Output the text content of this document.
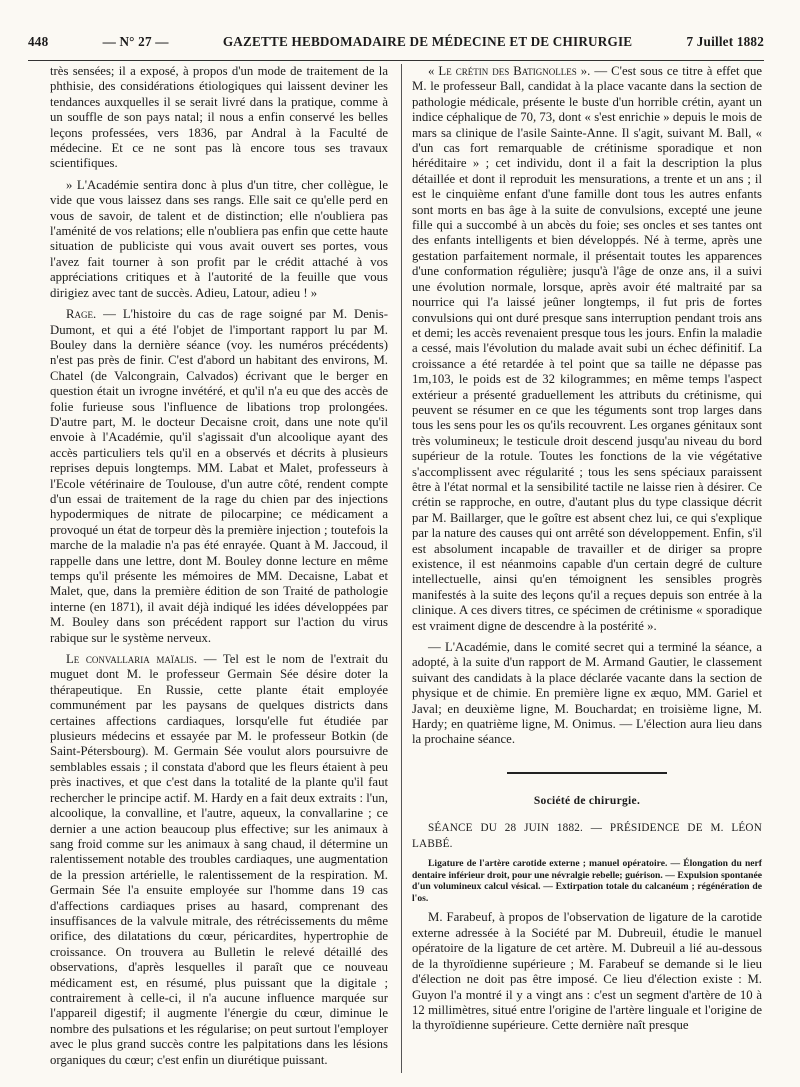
448	— N° 27 —	GAZETTE HEBDOMADAIRE DE MÉDECINE ET DE CHIRURGIE	7 Juillet 1882

très sensées; il a exposé, à propos d'un mode de traitement de la phthisie, des considérations étiologiques qui laissent deviner les tendances auxquelles il se serait livré dans la pratique, comme à un souffle de son pays natal; il nous a enfin conservé les belles leçons professées, vers 1836, par Andral à la Faculté de médecine. Et ce ne sont pas là encore tous ses travaux scientifiques.

» L'Académie sentira donc à plus d'un titre, cher collègue, le vide que vous laissez dans ses rangs. Elle sait ce qu'elle perd en vous de savoir, de talent et de distinction; elle n'oubliera pas l'aménité de vos relations; elle n'oubliera pas enfin que cette haute situation de publiciste qui vous avait ouvert ses portes, vous l'avez fait tourner à son profit par le crédit attaché à vos appréciations critiques et à l'autorité de la feuille que vous dirigiez avec tant de succès. Adieu, Latour, adieu ! »

Rage. — L'histoire du cas de rage soigné par M. Denis-Dumont, et qui a été l'objet de l'important rapport lu par M. Bouley dans la dernière séance (voy. les numéros précédents) n'est pas près de finir. C'est d'abord un habitant des environs, M. Chatel (de Valcongrain, Calvados) écrivant que le berger en question était un ivrogne invétéré, et qu'il n'a eu que des accès de folie furieuse sous l'influence de libations trop prolongées. D'autre part, M. le docteur Decaisne croit, dans une note qu'il envoie à l'Académie, qu'il s'agissait d'un alcoolique ayant des accès particuliers tels qu'il en a observés et décrits à plusieurs reprises depuis longtemps. MM. Labat et Malet, professeurs à l'Ecole vétérinaire de Toulouse, d'un autre côté, rendent compte d'un essai de traitement de la rage du chien par des injections hypodermiques de nitrate de pilocarpine; ce médicament a provoqué un état de torpeur dès la première injection ; toutefois la marche de la maladie n'a pas été enrayée. Quant à M. Jaccoud, il rappelle dans une lettre, dont M. Bouley donne lecture en même temps qu'il présente les mémoires de MM. Decaisne, Labat et Malet, que, dans la première édition de son Traité de pathologie interne (en 1871), il avait déjà indiqué les idées développées par M. Bouley dans son précédent rapport sur l'action du virus rabique sur le système nerveux.

Le convallaria maïalis. — Tel est le nom de l'extrait du muguet dont M. le professeur Germain Sée désire doter la thérapeutique. En Russie, cette plante était employée communément par les paysans de quelques districts dans certaines affections cardiaques, lorsqu'elle fut étudiée par plusieurs médecins et essayée par M. le professeur Botkin (de Saint-Pétersbourg). M. Germain Sée voulut alors poursuivre de semblables essais ; il constata d'abord que les fleurs étaient à peu près inactives, et que c'est dans la totalité de la plante qu'il faut rechercher le principe actif. M. Hardy en a fait deux extraits : l'un, alcoolique, la convalline, et l'autre, aqueux, la convallarine ; ce dernier a une action beaucoup plus effective; sur les animaux à sang froid comme sur les animaux à sang chaud, il détermine un ralentissement notable des troubles cardiaques, une augmentation de la pression artérielle, le ralentissement de la respiration. M. Germain Sée l'a ensuite employée sur l'homme dans 19 cas d'affections cardiaques prises au hasard, comprenant des insuffisances de la valvule mitrale, des rétrécissements du même orifice, des dilatations du cœur, péricardites, hypertrophie de croissance. On trouvera au Bulletin le relevé détaillé des observations, d'après lesquelles il paraît que ce nouveau médicament est, en résumé, plus puissant que la digitale ; contrairement à celle-ci, il n'a aucune influence marquée sur l'appareil digestif; il augmente l'énergie du cœur, diminue le nombre des pulsations et les régularise; on peut surtout l'employer avec le plus grand succès contre les palpitations dans les lésions organiques du cœur; c'est enfin un diurétique puissant.

« Le crétin des Batignolles ». — C'est sous ce titre à effet que M. le professeur Ball, candidat à la place vacante dans la section de pathologie médicale, présente le buste d'un horrible crétin, ayant un indice céphalique de 70, 73, dont « s'est enrichie » depuis le mois de mars sa clinique de l'asile Sainte-Anne. Il s'agit, suivant M. Ball, « d'un cas fort remarquable de crétinisme sporadique et non héréditaire » ; cet individu, dont il a fait la description la plus détaillée et dont il reproduit les mensurations, a trente et un ans ; il est le cinquième enfant d'une famille dont tous les autres enfants sont morts en bas âge à la suite de convulsions, excepté une jeune fille qui a succombé à un abcès du foie; ses oncles et ses tantes ont des enfants intelligents et bien développés. Né à terme, après une gestation parfaitement normale, il présentait toutes les apparences d'une conformation régulière; jusqu'à l'âge de onze ans, il a suivi une évolution normale, lorsque, après avoir été maltraité par sa nourrice qui l'a laissé jeûner longtemps, il fut pris de fortes convulsions qui ont duré presque sans interruption pendant trois ans et demi; les accès revenaient presque tous les jours. Enfin la maladie a cessé, mais l'évolution du malade avait subi un échec définitif. La croissance a été retardée à tel point que sa taille ne dépasse pas 1m,103, le poids est de 32 kilogrammes; en même temps l'aspect extérieur a présenté graduellement les attributs du crétinisme, qui peuvent se résumer en ce que les téguments sont trop larges dans tous les sens pour les os qu'ils recouvrent. Les organes génitaux sont très volumineux; le testicule droit descend jusqu'au niveau du bord supérieur de la rotule. Toutes les fonctions de la vie végétative s'accomplissent avec régularité ; tous les sens spéciaux paraissent être à l'état normal et la sensibilité tactile ne laisse rien à désirer. Ce crétin se rapproche, en outre, d'autant plus du type classique décrit par M. Baillarger, que le goître est absent chez lui, ce qui s'explique par la nature des causes qui ont arrêté son développement. Enfin, s'il est absolument incapable de travailler et de diriger sa propre existence, il est néanmoins capable d'un certain degré de culture intellectuelle, ainsi qu'en témoignent les sensibles progrès manifestés à la suite des leçons qu'il a reçues depuis son entrée à la clinique. A ces divers titres, ce spécimen de crétinisme « sporadique est vraiment digne de descendre à la postérité ».

— L'Académie, dans le comité secret qui a terminé la séance, a adopté, à la suite d'un rapport de M. Armand Gautier, le classement suivant des candidats à la place déclarée vacante dans la section de physique et de chimie. En première ligne ex æquo, MM. Gariel et Javal; en deuxième ligne, M. Bouchardat; en troisième ligne, M. Hardy; en quatrième ligne, M. Onimus. — L'élection aura lieu dans la prochaine séance.

Société de chirurgie.

SÉANCE DU 28 JUIN 1882. — PRÉSIDENCE DE M. LÉON LABBÉ.

Ligature de l'artère carotide externe ; manuel opératoire. — Élongation du nerf dentaire inférieur droit, pour une névralgie rebelle; guérison. — Expulsion spontanée d'un volumineux calcul vésical. — Extirpation totale du calcanéum ; régénération de l'os.

M. Farabeuf, à propos de l'observation de ligature de la carotide externe adressée à la Société par M. Dubreuil, étudie le manuel opératoire de la ligature de cet artère. M. Dubreuil a lié au-dessous de la thyroïdienne supérieure ; M. Farabeuf se demande si le lieu d'élection ne doit pas être imposé. Ce lieu d'élection existe : M. Guyon l'a montré il y a vingt ans : c'est un segment d'artère de 10 à 12 millimètres, situé entre l'origine de l'artère linguale et l'origine de la thyroïdienne supérieure. Cette dernière naît presque
